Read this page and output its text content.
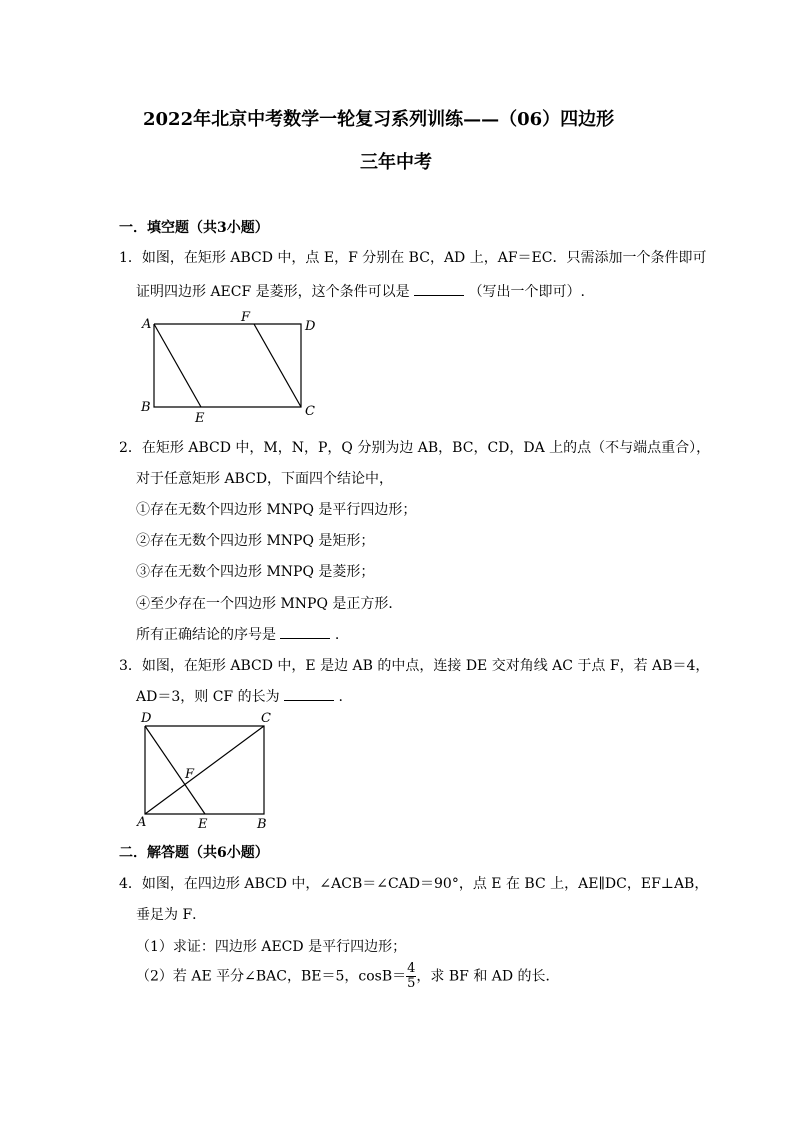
2022年北京中考数学一轮复习系列训练——（06）四边形
三年中考
一．填空题（共3小题）
1．如图，在矩形 ABCD 中，点 E，F 分别在 BC，AD 上，AF＝EC．只需添加一个条件即可
证明四边形 AECF 是菱形，这个条件可以是	（写出一个即可）.
A	F
D
B
E	C
2．在矩形 ABCD 中，M，N，P，Q 分别为边 AB，BC，CD，DA 上的点（不与端点重合），
对于任意矩形 ABCD，下面四个结论中，
①存在无数个四边形 MNPQ 是平行四边形；
②存在无数个四边形 MNPQ 是矩形；
③存在无数个四边形 MNPQ 是菱形；
④至少存在一个四边形 MNPQ 是正方形．
所有正确结论的序号是	.
3．如图，在矩形 ABCD 中，E 是边 AB 的中点，连接 DE 交对角线 AC 于点 F，若 AB＝4，
AD＝3，则 CF 的长为	.
D	C
F
A	E	B
二．解答题（共6小题）
4．如图，在四边形 ABCD 中，∠ACB＝∠CAD＝90°，点 E 在 BC 上，AE∥DC，EF⊥AB，
垂足为 F．
（1）求证：四边形 AECD 是平行四边形；
（2）若 AE 平分∠BAC，BE＝5，$\cos B= \frac{4}{5}$ ，求 BF 和 AD 的长．
